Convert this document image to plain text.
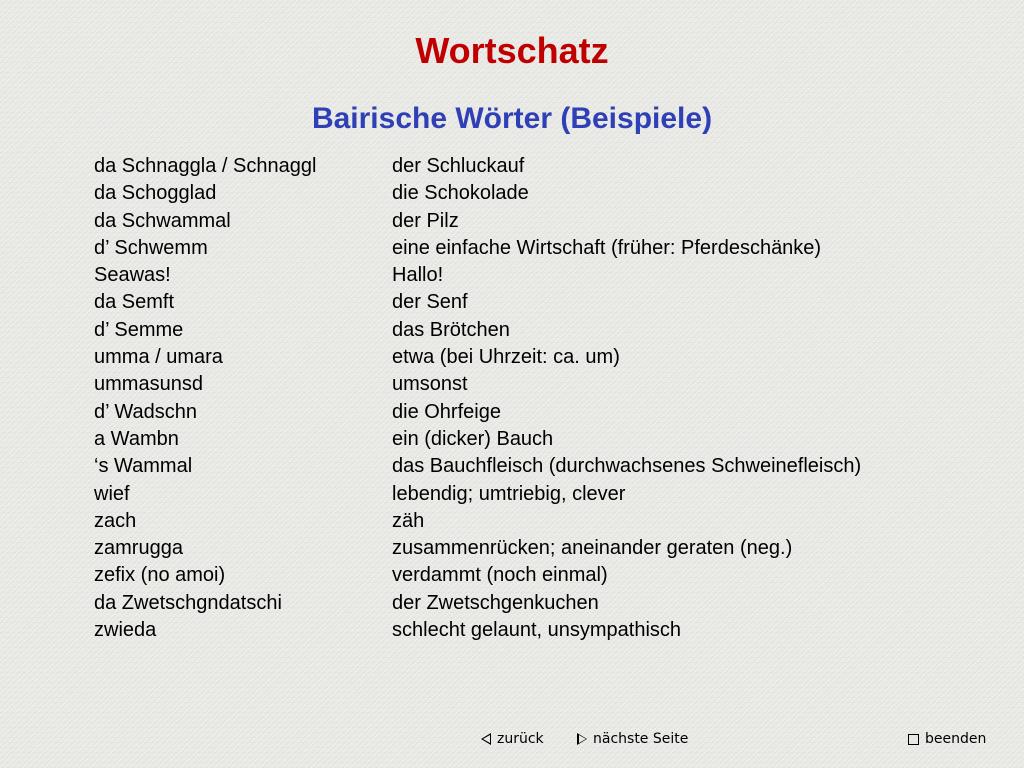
Wortschatz
Bairische Wörter (Beispiele)
da Schnaggla / Schnaggl	der Schluckauf
da Schogglad	die Schokolade
da Schwammal	der Pilz
d’ Schwemm	eine einfache Wirtschaft (früher: Pferdeschänke)
Seawas!	Hallo!
da Semft	der Senf
d’ Semme	das Brötchen
umma / umara	etwa (bei Uhrzeit: ca. um)
ummasunsd	umsonst
d’ Wadschn	die Ohrfeige
a Wambn	ein (dicker) Bauch
‘s Wammal	das Bauchfleisch (durchwachsenes Schweinefleisch)
wief	lebendig; umtriebig, clever
zach	zäh
zamrugga	zusammenrücken; aneinander geraten (neg.)
zefix (no amoi)	verdammt (noch einmal)
da Zwetschgndatschi	der Zwetschgenkuchen
zwieda	schlecht gelaunt, unsympathisch
zurück	nächste Seite	beenden
